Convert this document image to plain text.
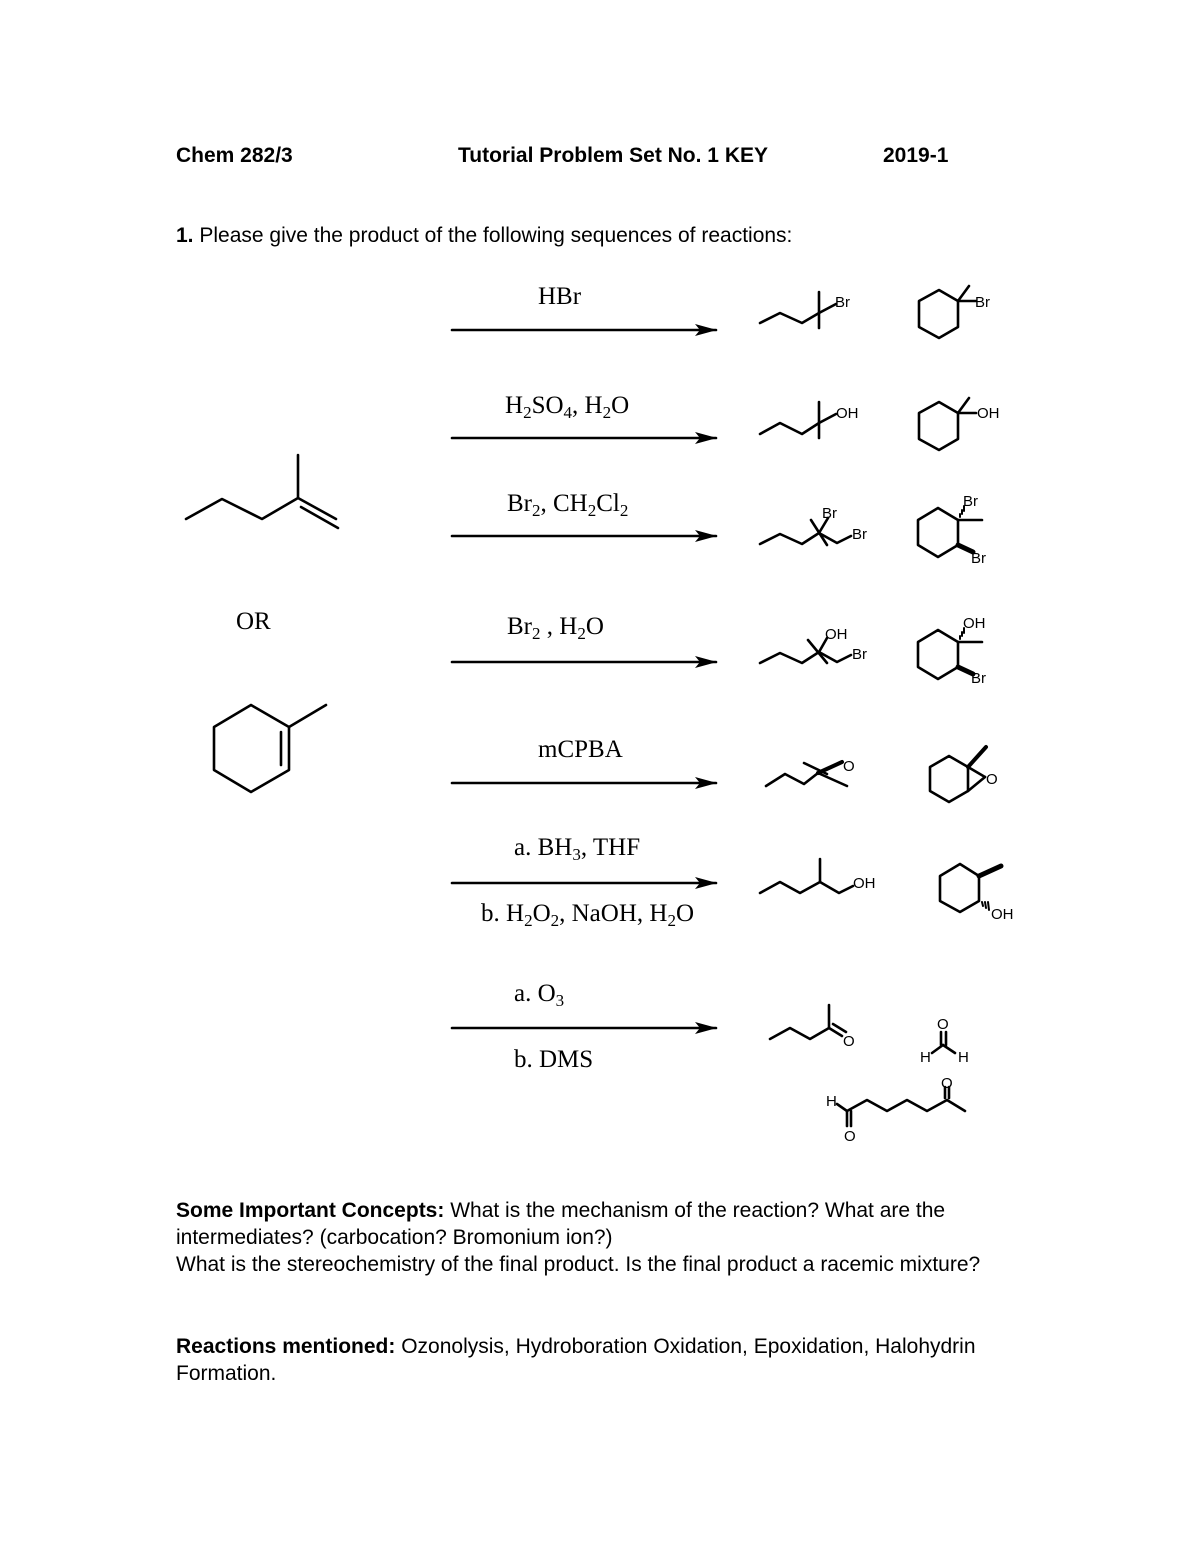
Chem 282/3	Tutorial Problem Set No. 1 KEY	2019-1
1. Please give the product of the following sequences of reactions:
HBr
$H_2SO_4$, $H_2O$
$Br_2$, $CH_2Cl_2$
$Br_2$ , $H_2O$
mCPBA
a. $BH_3$, THF
b. $H_2O_2$, NaOH, $H_2O$
a. $O_3$
b. DMS
OR
Br	Br
OH	OH
Br
Br
Br
Br
OH
Br
OH
Br
O
O
OH
OH
O
O
H H
O
H
O
Some Important Concepts: What is the mechanism of the reaction? What are the intermediates? (carbocation? Bromonium ion?)
What is the stereochemistry of the final product. Is the final product a racemic mixture?
Reactions mentioned: Ozonolysis, Hydroboration Oxidation, Epoxidation, Halohydrin Formation.
